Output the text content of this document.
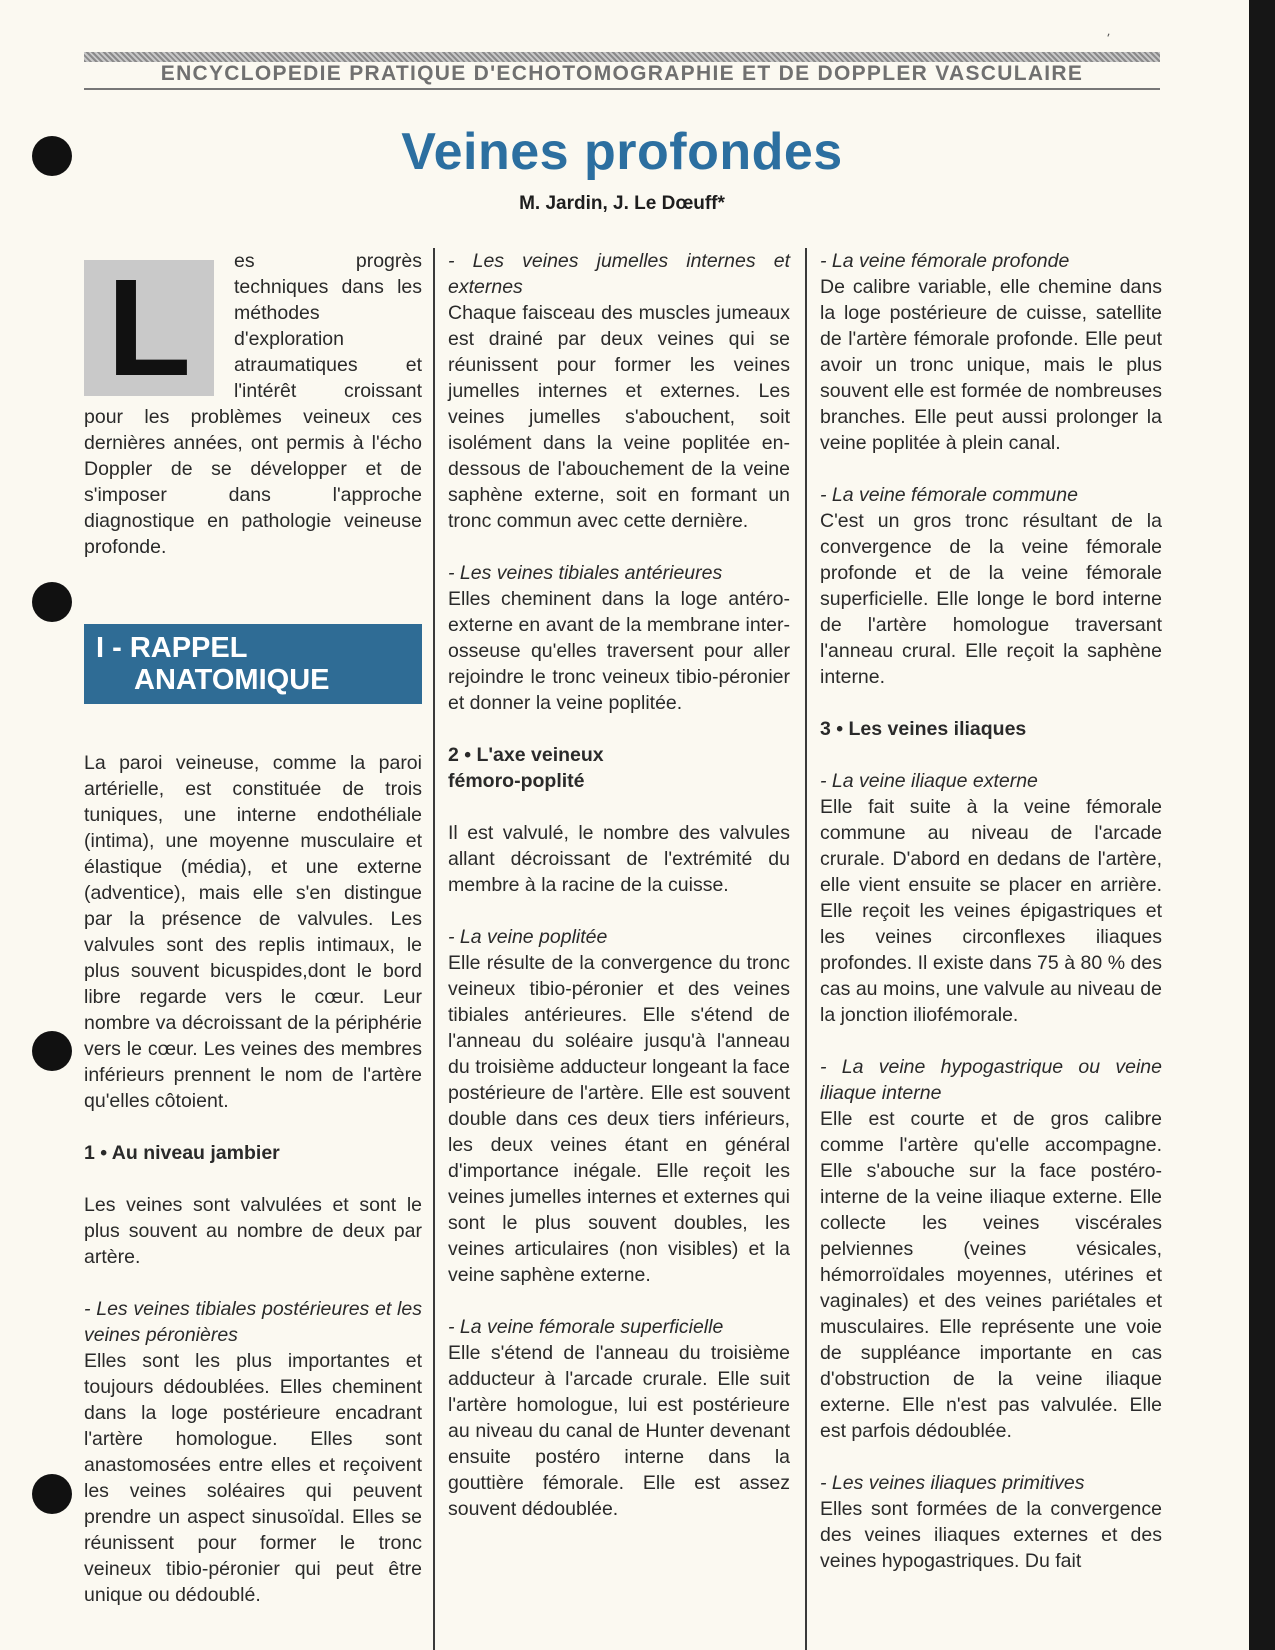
ʹ
ENCYCLOPEDIE PRATIQUE D'ECHOTOMOGRAPHIE ET DE DOPPLER VASCULAIRE
Veines profondes
M. Jardin, J. Le Dœuff*
L	es progrès techniques dans les méthodes d'exploration atraumatiques et l'intérêt croissant pour les problèmes veineux ces dernières années, ont permis à l'écho Doppler de se développer et de s'imposer dans l'approche diagnostique en pathologie veineuse profonde.

I - RAPPEL
ANATOMIQUE

La paroi veineuse, comme la paroi artérielle, est constituée de trois tuniques, une interne endothéliale (intima), une moyenne musculaire et élastique (média), et une externe (adventice), mais elle s'en distingue par la présence de valvules. Les valvules sont des replis intimaux, le plus souvent bicuspides,dont le bord libre regarde vers le cœur. Leur nombre va décroissant de la périphérie vers le cœur. Les veines des membres inférieurs prennent le nom de l'artère qu'elles côtoient.

1 • Au niveau jambier

Les veines sont valvulées et sont le plus souvent au nombre de deux par artère.

- Les veines tibiales postérieures et les veines péronières

Elles sont les plus importantes et toujours dédoublées. Elles cheminent dans la loge postérieure encadrant l'artère homologue. Elles sont anastomosées entre elles et reçoivent les veines soléaires qui peuvent prendre un aspect sinusoïdal. Elles se réunissent pour former le tronc veineux tibio-péronier qui peut être unique ou dédoublé.

- Les veines jumelles internes et externes

Chaque faisceau des muscles jumeaux est drainé par deux veines qui se réunissent pour former les veines jumelles internes et externes. Les veines jumelles s'abouchent, soit isolément dans la veine poplitée en-dessous de l'abouchement de la veine saphène externe, soit en formant un tronc commun avec cette dernière.

- Les veines tibiales antérieures

Elles cheminent dans la loge antéro-externe en avant de la membrane inter-osseuse qu'elles traversent pour aller rejoindre le tronc veineux tibio-péronier et donner la veine poplitée.

2 • L'axe veineux
fémoro-poplité

Il est valvulé, le nombre des valvules allant décroissant de l'extrémité du membre à la racine de la cuisse.

- La veine poplitée

Elle résulte de la convergence du tronc veineux tibio-péronier et des veines tibiales antérieures. Elle s'étend de l'anneau du soléaire jusqu'à l'anneau du troisième adducteur longeant la face postérieure de l'artère. Elle est souvent double dans ces deux tiers inférieurs, les deux veines étant en général d'importance inégale. Elle reçoit les veines jumelles internes et externes qui sont le plus souvent doubles, les veines articulaires (non visibles) et la veine saphène externe.

- La veine fémorale superficielle

Elle s'étend de l'anneau du troisième adducteur à l'arcade crurale. Elle suit l'artère homologue, lui est postérieure au niveau du canal de Hunter devenant ensuite postéro interne dans la gouttière fémorale. Elle est assez souvent dédoublée.

- La veine fémorale profonde

De calibre variable, elle chemine dans la loge postérieure de cuisse, satellite de l'artère fémorale profonde. Elle peut avoir un tronc unique, mais le plus souvent elle est formée de nombreuses branches. Elle peut aussi prolonger la veine poplitée à plein canal.

- La veine fémorale commune

C'est un gros tronc résultant de la convergence de la veine fémorale profonde et de la veine fémorale superficielle. Elle longe le bord interne de l'artère homologue traversant l'anneau crural. Elle reçoit la saphène interne.

3 • Les veines iliaques

- La veine iliaque externe

Elle fait suite à la veine fémorale commune au niveau de l'arcade crurale. D'abord en dedans de l'artère, elle vient ensuite se placer en arrière. Elle reçoit les veines épigastriques et les veines circonflexes iliaques profondes. Il existe dans 75 à 80 % des cas au moins, une valvule au niveau de la jonction iliofémorale.

- La veine hypogastrique ou veine iliaque interne

Elle est courte et de gros calibre comme l'artère qu'elle accompagne. Elle s'abouche sur la face postéro-interne de la veine iliaque externe. Elle collecte les veines viscérales pelviennes (veines vésicales, hémorroïdales moyennes, utérines et vaginales) et des veines pariétales et musculaires. Elle représente une voie de suppléance importante en cas d'obstruction de la veine iliaque externe. Elle n'est pas valvulée. Elle est parfois dédoublée.

- Les veines iliaques primitives

Elles sont formées de la convergence des veines iliaques externes et des veines hypogastriques. Du fait
